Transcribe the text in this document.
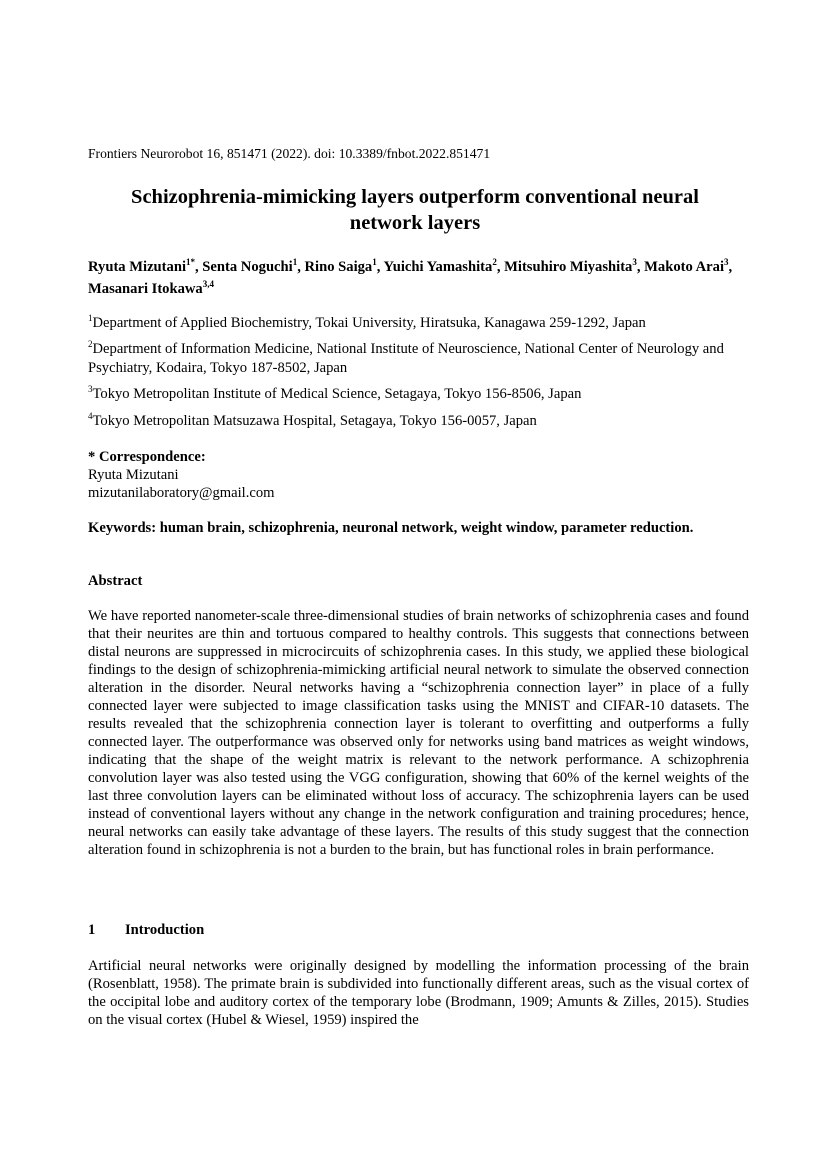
Frontiers Neurorobot 16, 851471 (2022). doi: 10.3389/fnbot.2022.851471
Schizophrenia-mimicking layers outperform conventional neural network layers
Ryuta Mizutani$^{1*}$, Senta Noguchi$^1$, Rino Saiga$^1$, Yuichi Yamashita$^2$, Mitsuhiro Miyashita$^3$, Makoto Arai$^3$, Masanari Itokawa$^{3,4}$
$^1$Department of Applied Biochemistry, Tokai University, Hiratsuka, Kanagawa 259-1292, Japan
$^2$Department of Information Medicine, National Institute of Neuroscience, National Center of Neurology and Psychiatry, Kodaira, Tokyo 187-8502, Japan
$^3$Tokyo Metropolitan Institute of Medical Science, Setagaya, Tokyo 156-8506, Japan
$^4$Tokyo Metropolitan Matsuzawa Hospital, Setagaya, Tokyo 156-0057, Japan
* Correspondence:
Ryuta Mizutani
mizutanilaboratory@gmail.com
Keywords: human brain, schizophrenia, neuronal network, weight window, parameter reduction.
Abstract

We have reported nanometer-scale three-dimensional studies of brain networks of schizophrenia cases and found that their neurites are thin and tortuous compared to healthy controls. This suggests that connections between distal neurons are suppressed in microcircuits of schizophrenia cases. In this study, we applied these biological findings to the design of schizophrenia-mimicking artificial neural network to simulate the observed connection alteration in the disorder. Neural networks having a “schizophrenia connection layer” in place of a fully connected layer were subjected to image classification tasks using the MNIST and CIFAR-10 datasets. The results revealed that the schizophrenia connection layer is tolerant to overfitting and outperforms a fully connected layer. The outperformance was observed only for networks using band matrices as weight windows, indicating that the shape of the weight matrix is relevant to the network performance. A schizophrenia convolution layer was also tested using the VGG configuration, showing that 60% of the kernel weights of the last three convolution layers can be eliminated without loss of accuracy. The schizophrenia layers can be used instead of conventional layers without any change in the network configuration and training procedures; hence, neural networks can easily take advantage of these layers. The results of this study suggest that the connection alteration found in schizophrenia is not a burden to the brain, but has functional roles in brain performance.

1 Introduction

Artificial neural networks were originally designed by modelling the information processing of the brain (Rosenblatt, 1958). The primate brain is subdivided into functionally different areas, such as the visual cortex of the occipital lobe and auditory cortex of the temporary lobe (Brodmann, 1909; Amunts & Zilles, 2015). Studies on the visual cortex (Hubel & Wiesel, 1959) inspired the
